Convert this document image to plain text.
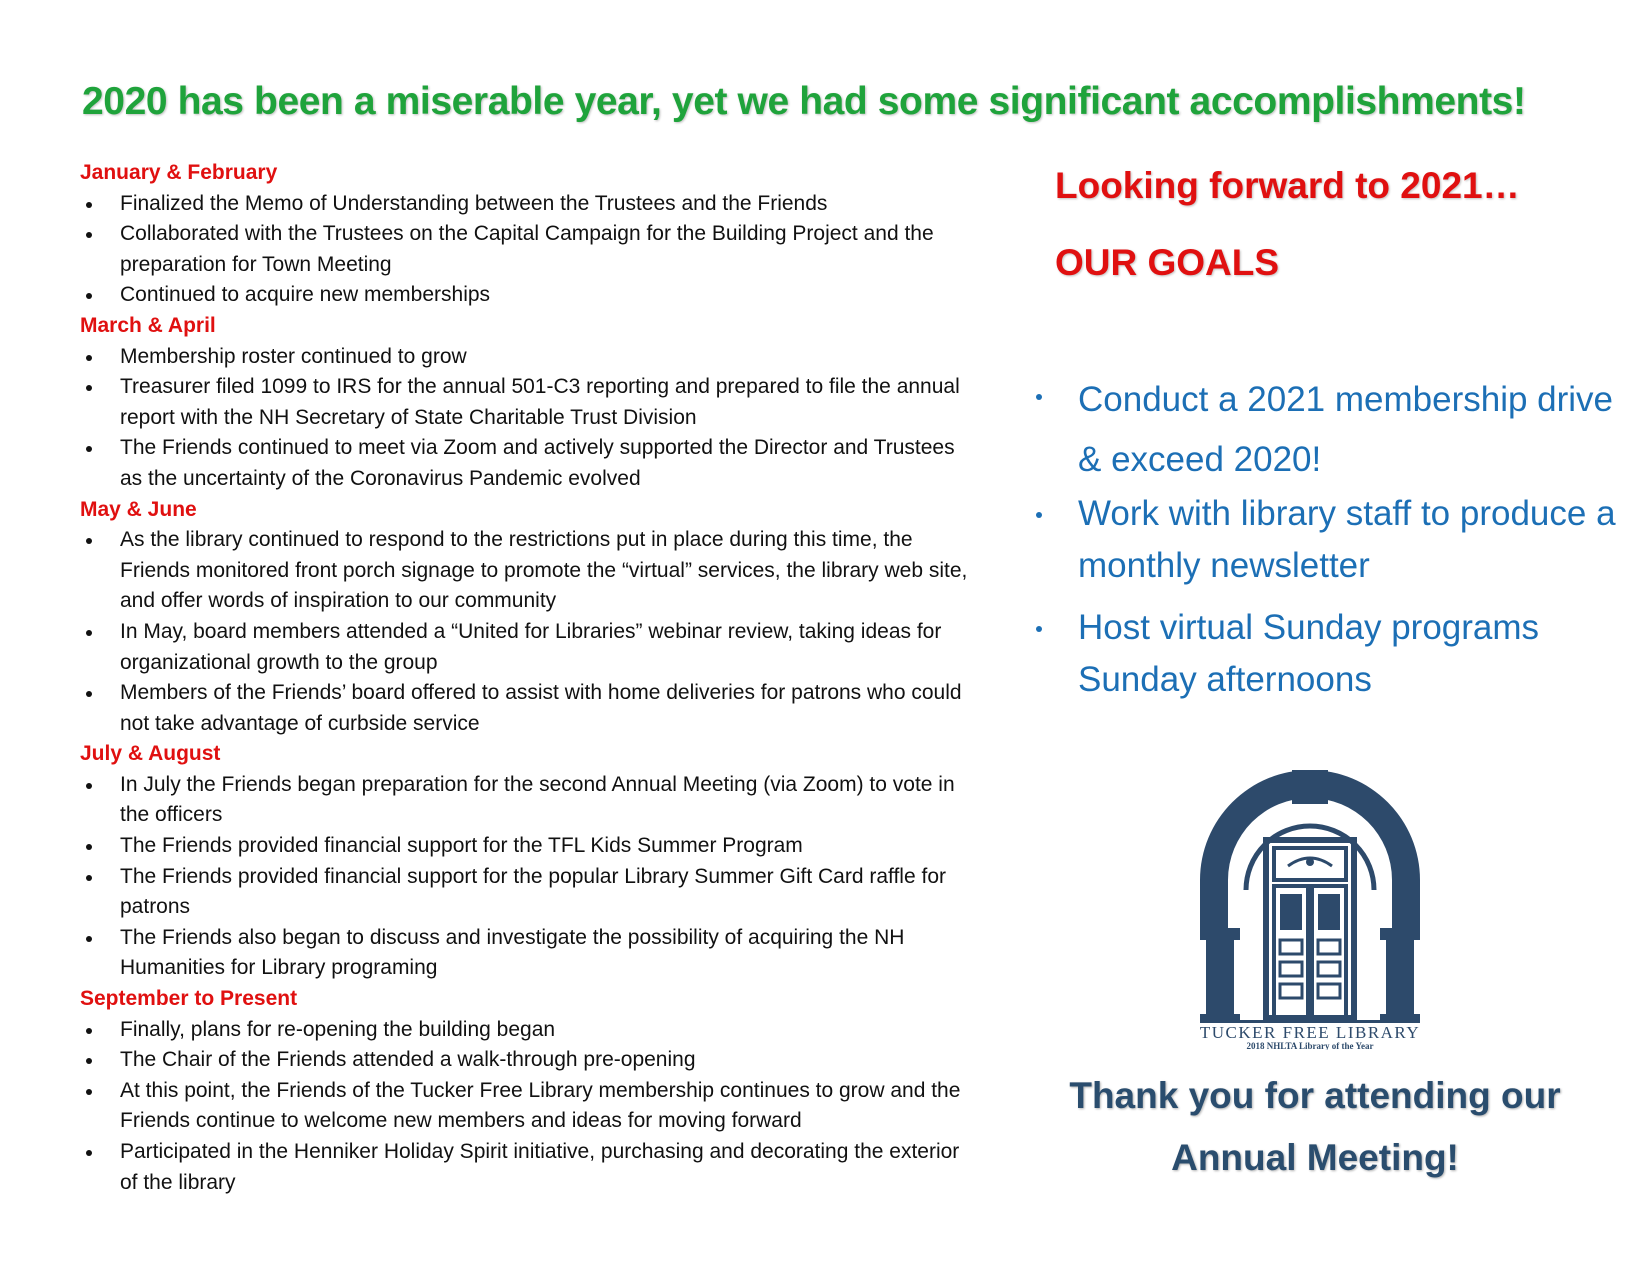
2020 has been a miserable year, yet we had some significant accomplishments!
January & February
Finalized the Memo of Understanding between the Trustees and the Friends
Collaborated with the Trustees on the Capital Campaign for the Building Project and the preparation for Town Meeting
Continued to acquire new memberships
March & April
Membership roster continued to grow
Treasurer filed 1099 to IRS for the annual 501-C3 reporting and prepared to file the annual report with the NH Secretary of State Charitable Trust Division
The Friends continued to meet via Zoom and actively supported the Director and Trustees as the uncertainty of the Coronavirus Pandemic evolved
May & June
As the library continued to respond to the restrictions put in place during this time, the Friends monitored front porch signage to promote the “virtual” services, the library web site, and offer words of inspiration to our community
In May, board members attended a “United for Libraries” webinar review, taking ideas for organizational growth to the group
Members of the Friends’ board offered to assist with home deliveries for patrons who could not take advantage of curbside service
July & August
In July the Friends began preparation for the second Annual Meeting (via Zoom) to vote in the officers
The Friends provided financial support for the TFL Kids Summer Program
The Friends provided financial support for the popular Library Summer Gift Card raffle for patrons
The Friends also began to discuss and investigate the possibility of acquiring the NH Humanities for Library programing
September to Present
Finally, plans for re-opening the building began
The Chair of the Friends attended a walk-through pre-opening
At this point, the Friends of the Tucker Free Library membership continues to grow and the Friends continue to welcome new members and ideas for moving forward
Participated in the Henniker Holiday Spirit initiative, purchasing and decorating the exterior of the library
Looking forward to 2021…
OUR GOALS
Conduct a 2021 membership drive & exceed 2020!
Work with library staff to produce a monthly newsletter
Host virtual Sunday programs Sunday afternoons
TUCKER FREE LIBRARY
2018 NHLTA Library of the Year
Thank you for attending our
Annual Meeting!
